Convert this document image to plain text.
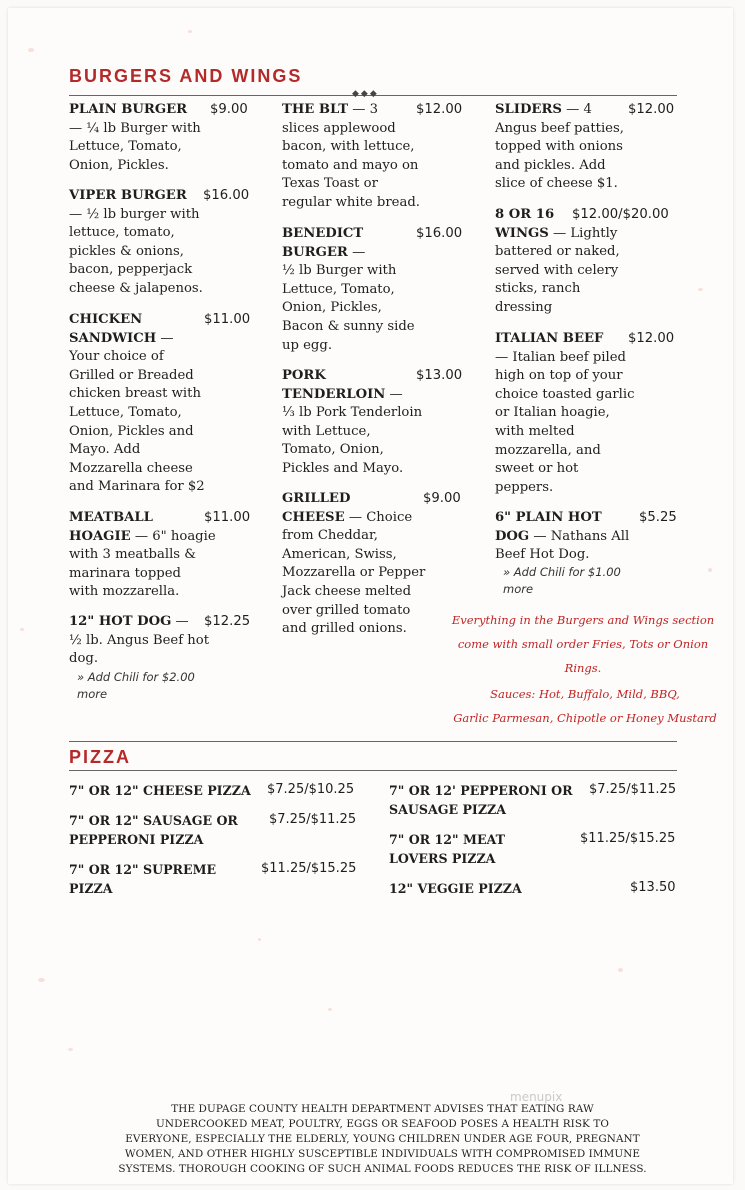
BURGERS AND WINGS
◆◆◆
PLAIN BURGER
— ¼ lb Burger with
Lettuce, Tomato,
Onion, Pickles.
$9.00
VIPER BURGER
— ½ lb burger with
lettuce, tomato,
pickles & onions,
bacon, pepperjack
cheese & jalapenos.
$16.00
CHICKEN
SANDWICH —
Your choice of
Grilled or Breaded
chicken breast with
Lettuce, Tomato,
Onion, Pickles and
Mayo. Add
Mozzarella cheese
and Marinara for $2
$11.00
MEATBALL
HOAGIE — 6" hoagie
with 3 meatballs &
marinara topped
with mozzarella.
$11.00
12" HOT DOG —
½ lb. Angus Beef hot
dog.
$12.25
» Add Chili for $2.00
more
THE BLT — 3
slices applewood
bacon, with lettuce,
tomato and mayo on
Texas Toast or
regular white bread.
$12.00
BENEDICT
BURGER —
½ lb Burger with
Lettuce, Tomato,
Onion, Pickles,
Bacon & sunny side
up egg.
$16.00
PORK
TENDERLOIN —
⅓ lb Pork Tenderloin
with Lettuce,
Tomato, Onion,
Pickles and Mayo.
$13.00
GRILLED
CHEESE — Choice
from Cheddar,
American, Swiss,
Mozzarella or Pepper
Jack cheese melted
over grilled tomato
and grilled onions.
$9.00
SLIDERS — 4
Angus beef patties,
topped with onions
and pickles. Add
slice of cheese $1.
$12.00
8 OR 16
WINGS — Lightly
battered or naked,
served with celery
sticks, ranch
dressing
$12.00/$20.00
ITALIAN BEEF
— Italian beef piled
high on top of your
choice toasted garlic
or Italian hoagie,
with melted
mozzarella, and
sweet or hot
peppers.
$12.00
6" PLAIN HOT
DOG — Nathans All
Beef Hot Dog.
$5.25
» Add Chili for $1.00
more
Everything in the Burgers and Wings section
come with small order Fries, Tots or Onion Rings.
Sauces: Hot, Buffalo, Mild, BBQ,
Garlic Parmesan, Chipotle or Honey Mustard
PIZZA
7" OR 12" CHEESE PIZZA $7.25/$10.25
7" OR 12" SAUSAGE OR
PEPPERONI PIZZA
$7.25/$11.25
7" OR 12" SUPREME
PIZZA
$11.25/$15.25
7" OR 12' PEPPERONI OR
SAUSAGE PIZZA
$7.25/$11.25
7" OR 12" MEAT
LOVERS PIZZA
$11.25/$15.25
12" VEGGIE PIZZA	$13.50
menupix
THE DUPAGE COUNTY HEALTH DEPARTMENT ADVISES THAT EATING RAW
UNDERCOOKED MEAT, POULTRY, EGGS OR SEAFOOD POSES A HEALTH RISK TO
EVERYONE, ESPECIALLY THE ELDERLY, YOUNG CHILDREN UNDER AGE FOUR, PREGNANT
WOMEN, AND OTHER HIGHLY SUSCEPTIBLE INDIVIDUALS WITH COMPROMISED IMMUNE
SYSTEMS. THOROUGH COOKING OF SUCH ANIMAL FOODS REDUCES THE RISK OF ILLNESS.
